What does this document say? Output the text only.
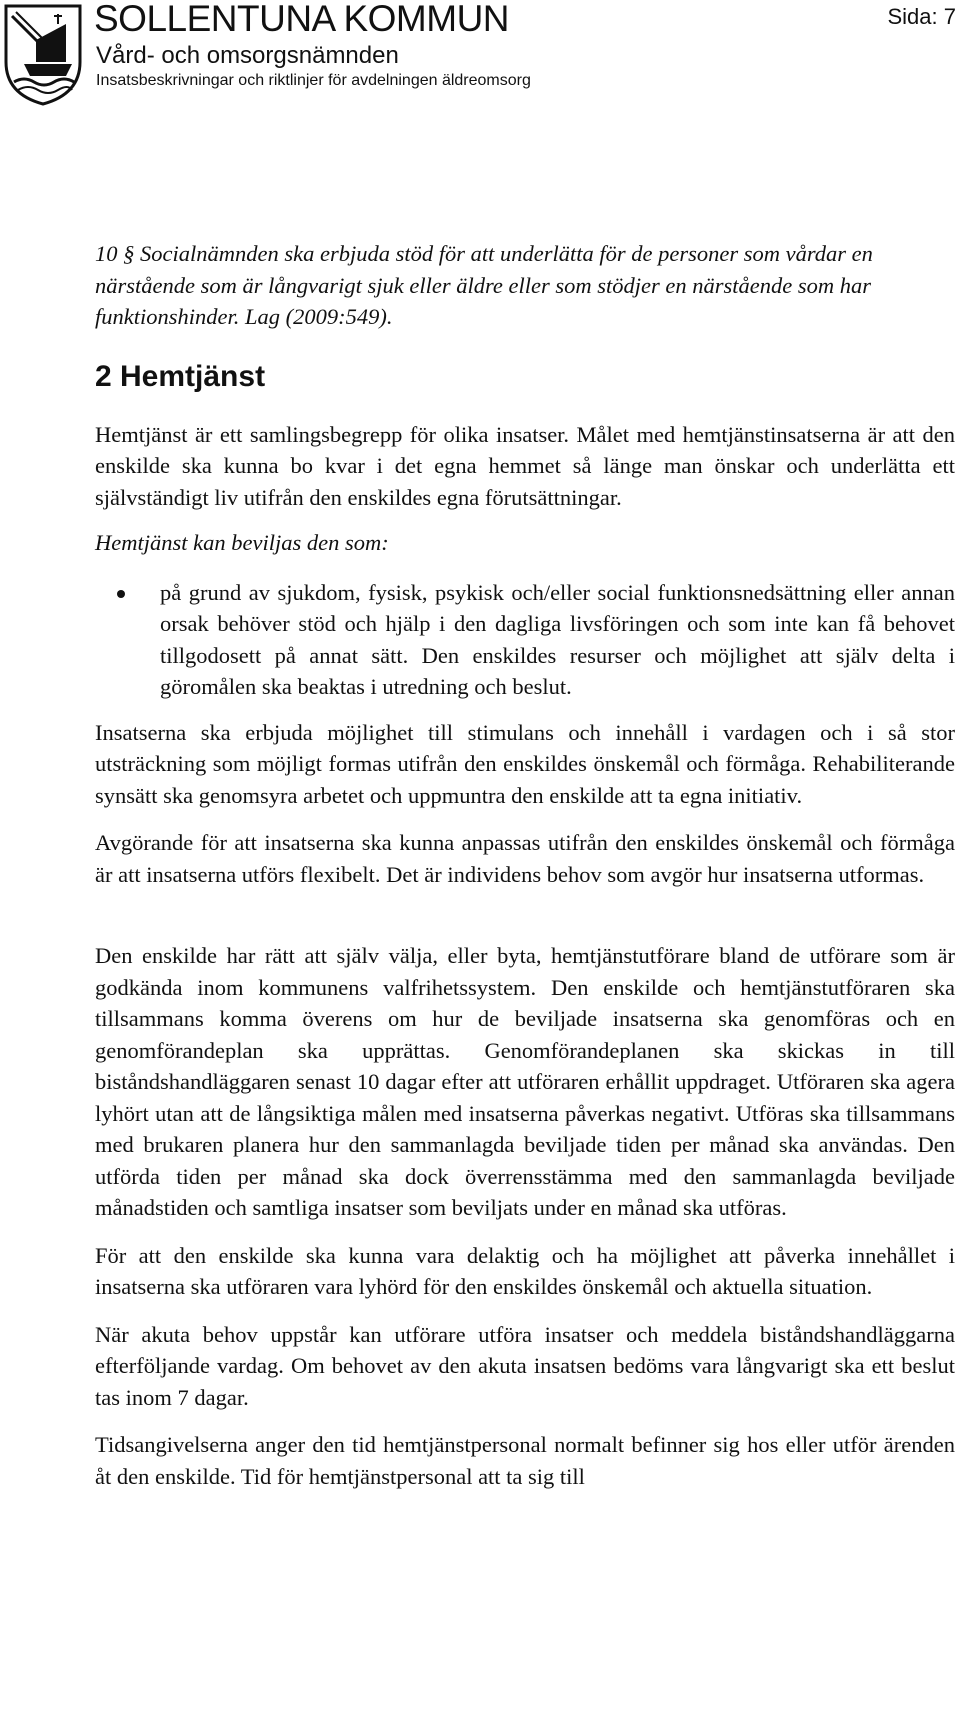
SOLLENTUNA KOMMUN
Vård- och omsorgsnämnden
Insatsbeskrivningar och riktlinjer för avdelningen äldreomsorg
Sida: 7

10 § Socialnämnden ska erbjuda stöd för att underlätta för de personer som vårdar en närstående som är långvarigt sjuk eller äldre eller som stödjer en närstående som har funktionshinder. Lag (2009:549).

2 Hemtjänst

Hemtjänst är ett samlingsbegrepp för olika insatser. Målet med hemtjänstinsatserna är att den enskilde ska kunna bo kvar i det egna hemmet så länge man önskar och underlätta ett självständigt liv utifrån den enskildes egna förutsättningar.

Hemtjänst kan beviljas den som:

på grund av sjukdom, fysisk, psykisk och/eller social funktionsnedsättning eller annan orsak behöver stöd och hjälp i den dagliga livsföringen och som inte kan få behovet tillgodosett på annat sätt. Den enskildes resurser och möjlighet att själv delta i göromålen ska beaktas i utredning och beslut.

Insatserna ska erbjuda möjlighet till stimulans och innehåll i vardagen och i så stor utsträckning som möjligt formas utifrån den enskildes önskemål och förmåga. Rehabiliterande synsätt ska genomsyra arbetet och uppmuntra den enskilde att ta egna initiativ.

Avgörande för att insatserna ska kunna anpassas utifrån den enskildes önskemål och förmåga är att insatserna utförs flexibelt. Det är individens behov som avgör hur insatserna utformas.

Den enskilde har rätt att själv välja, eller byta, hemtjänstutförare bland de utförare som är godkända inom kommunens valfrihetssystem. Den enskilde och hemtjänstutföraren ska tillsammans komma överens om hur de beviljade insatserna ska genomföras och en genomförandeplan ska upprättas. Genomförandeplanen ska skickas in till biståndshandläggaren senast 10 dagar efter att utföraren erhållit uppdraget. Utföraren ska agera lyhört utan att de långsiktiga målen med insatserna påverkas negativt. Utföras ska tillsammans med brukaren planera hur den sammanlagda beviljade tiden per månad ska användas. Den utförda tiden per månad ska dock överrensstämma med den sammanlagda beviljade månadstiden och samtliga insatser som beviljats under en månad ska utföras.

För att den enskilde ska kunna vara delaktig och ha möjlighet att påverka innehållet i insatserna ska utföraren vara lyhörd för den enskildes önskemål och aktuella situation.

När akuta behov uppstår kan utförare utföra insatser och meddela biståndshandläggarna efterföljande vardag. Om behovet av den akuta insatsen bedöms vara långvarigt ska ett beslut tas inom 7 dagar.

Tidsangivelserna anger den tid hemtjänstpersonal normalt befinner sig hos eller utför ärenden åt den enskilde. Tid för hemtjänstpersonal att ta sig till
